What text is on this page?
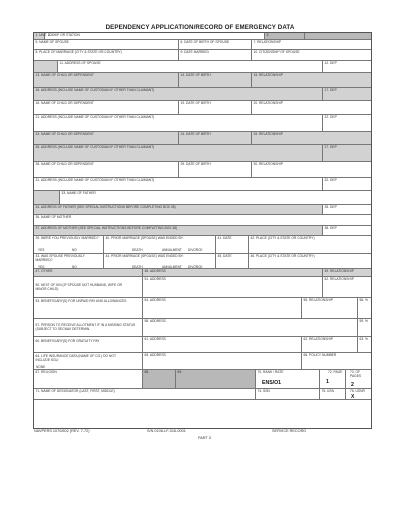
DEPENDENCY APPLICATION/RECORD OF EMERGENCY DATA
1. UNIT I.D.
2. SHIP OR STATION	3.
5. NAME OF SPOUSE	6. DATE OF BIRTH OF SPOUSE	7. RELATIONSHIP
8. PLACE OF MARRIAGE (CITY & STATE OR COUNTRY)	9. DATE MARRIED	10. CITIZENSHIP OF SPOUSE
11. ADDRESS OF SPOUSE	12. DEP
13. NAME OF CHILD OR DEPENDENT	14. DATE OF BIRTH	15. RELATIONSHIP
16. ADDRESS (INCLUDE NAME OF CUSTODIAN IF OTHER THAN CLAIMANT)	17. DEP
18. NAME OF CHILD OR DEPENDENT	19. DATE OF BIRTH	20. RELATIONSHIP
21. ADDRESS (INCLUDE NAME OF CUSTODIAN IF OTHER THAN CLAIMANT)	22. DEP
23. NAME OF CHILD OR DEPENDENT	24. DATE OF BIRTH	25. RELATIONSHIP
26. ADDRESS (INCLUDE NAME OF CUSTODIAN IF OTHER THAN CLAIMANT)	27. DEP
28. NAME OF CHILD OR DEPENDENT	29. DATE OF BIRTH	30. RELATIONSHIP
31. ADDRESS (INCLUDE NAME OF CUSTODIAN IF OTHER THAN CLAIMANT)	32. DEP
33. NAME OF FATHER
34. ADDRESS OF FATHER (SEE SPECIAL INSTRUCTIONS BEFORE COMPLETING BOX 35)	35. DEP
36. NAME OF MOTHER
37. ADDRESS OF MOTHER (SEE SPECIAL INSTRUCTIONS BEFORE COMPLETING BOX 38)	38. DEP
39. WERE YOU PREVIOUSLY MARRIED?
YES	NO
40. PRIOR MARRIAGE (SPOUSE) WAS ENDED BY:
DEATH	ANNULMENT DIVORCE
41. DATE	42. PLACE (CITY & STATE OR COUNTRY)
43. WAS SPOUSE PREVIOUSLY MARRIED?
YES	NO
44. PRIOR MARRIAGE (SPOUSE) WAS ENDED BY:
DEATH	ANNULMENT DIVORCE
45. DATE	46. PLACE (CITY & STATE OR COUNTRY)
47. OTHER	48. ADDRESS	49. RELATIONSHIP
50. NEXT OF KIN (IF SPOUSE NOT HUSBAND, WIFE OR MINOR CHILD)
51. ADDRESS	52. RELATIONSHIP
53. BENEFICIARY(S) FOR UNPAID PAY AND ALLOWANCES	54. ADDRESS	55. RELATIONSHIP	56. %
57. PERSON TO RECEIVE ALLOTMENT IF IN A MISSING STATUS (SUBJECT TO SECNAV DETERMIN.
58. ADDRESS	59. %
60. BENEFICIARY(S) FOR GRATUITY PAY	61. ADDRESS	62. RELATIONSHIP	63. %
64. LIFE INSURANCE DATA (NAME OF CO.) DO NOT INCLUDE SGLI
NONE
65. ADDRESS	66. POLICY NUMBER
67. RELIGION	68.	69.	70. RANK / RATE
ENS/O1
72. PAGE
1
73. OF PAGES
2
71. NAME OF DESIGNATOR (LAST, FIRST, MIDDLE)	74. SSN	75. USN	76. USNR
X
NAVPERS 1070/602 (REV. 7-72)	S/N 0106-LF-016-0001	SERVICE RECORD
PART 3
